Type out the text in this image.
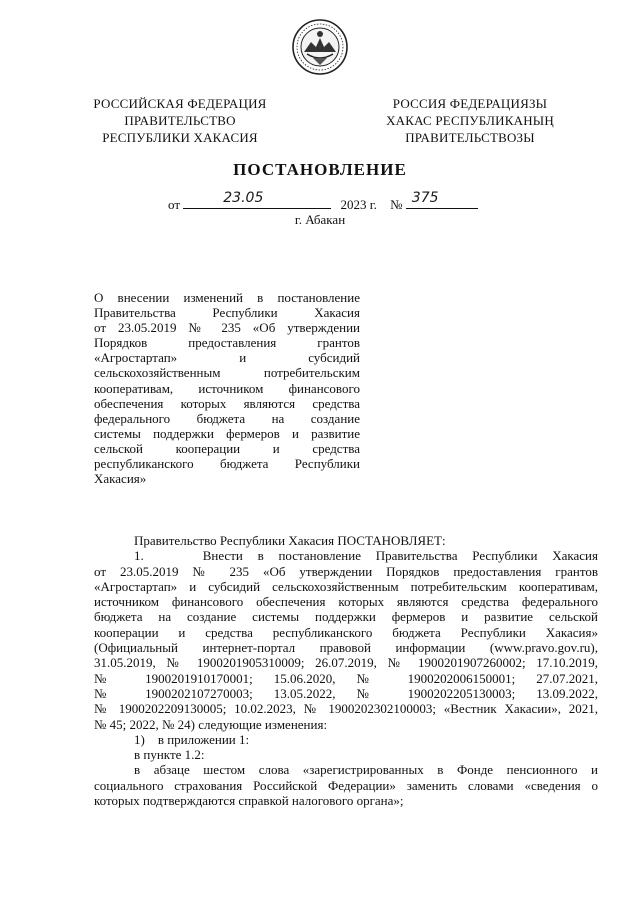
РОССИЙСКАЯ ФЕДЕРАЦИЯ
ПРАВИТЕЛЬСТВО
РЕСПУБЛИКИ ХАКАСИЯ
РОССИЯ ФЕДЕРАЦИЯЗЫ
ХАКАС РЕСПУБЛИКАНЫҢ
ПРАВИТЕЛЬСТВОЗЫ
ПОСТАНОВЛЕНИЕ
от	23.05	2023 г. № 375
г. Абакан
О внесении изменений в постановление
Правительства Республики Хакасия
от 23.05.2019 № 235 «Об утверждении
Порядков предоставления грантов
«Агростартап» и субсидий
сельскохозяйственным потребительским
кооперативам, источником финансового
обеспечения которых являются средства
федерального бюджета на создание
системы поддержки фермеров и развитие
сельской кооперации и средства
республиканского бюджета Республики
Хакасия»
Правительство Республики Хакасия ПОСТАНОВЛЯЕТ:
1.    Внести в постановление Правительства Республики Хакасия
от 23.05.2019 № 235 «Об утверждении Порядков предоставления грантов
«Агростартап» и субсидий сельскохозяйственным потребительским кооперативам,
источником финансового обеспечения которых являются средства федерального
бюджета на создание системы поддержки фермеров и развитие сельской
кооперации и средства республиканского бюджета Республики Хакасия»
(Официальный интернет-портал правовой информации (www.pravo.gov.ru),
31.05.2019, № 1900201905310009; 26.07.2019, № 1900201907260002; 17.10.2019,
№ 1900201910170001; 15.06.2020, № 1900202006150001; 27.07.2021,
№ 1900202107270003; 13.05.2022, № 1900202205130003; 13.09.2022,
№ 1900202209130005; 10.02.2023, № 1900202302100003; «Вестник Хакасии», 2021,
№ 45; 2022, № 24) следующие изменения:
1)    в приложении 1:
в пункте 1.2:
в абзаце шестом слова «зарегистрированных в Фонде пенсионного и
социального страхования Российской Федерации» заменить словами «сведения о
которых подтверждаются справкой налогового органа»;
